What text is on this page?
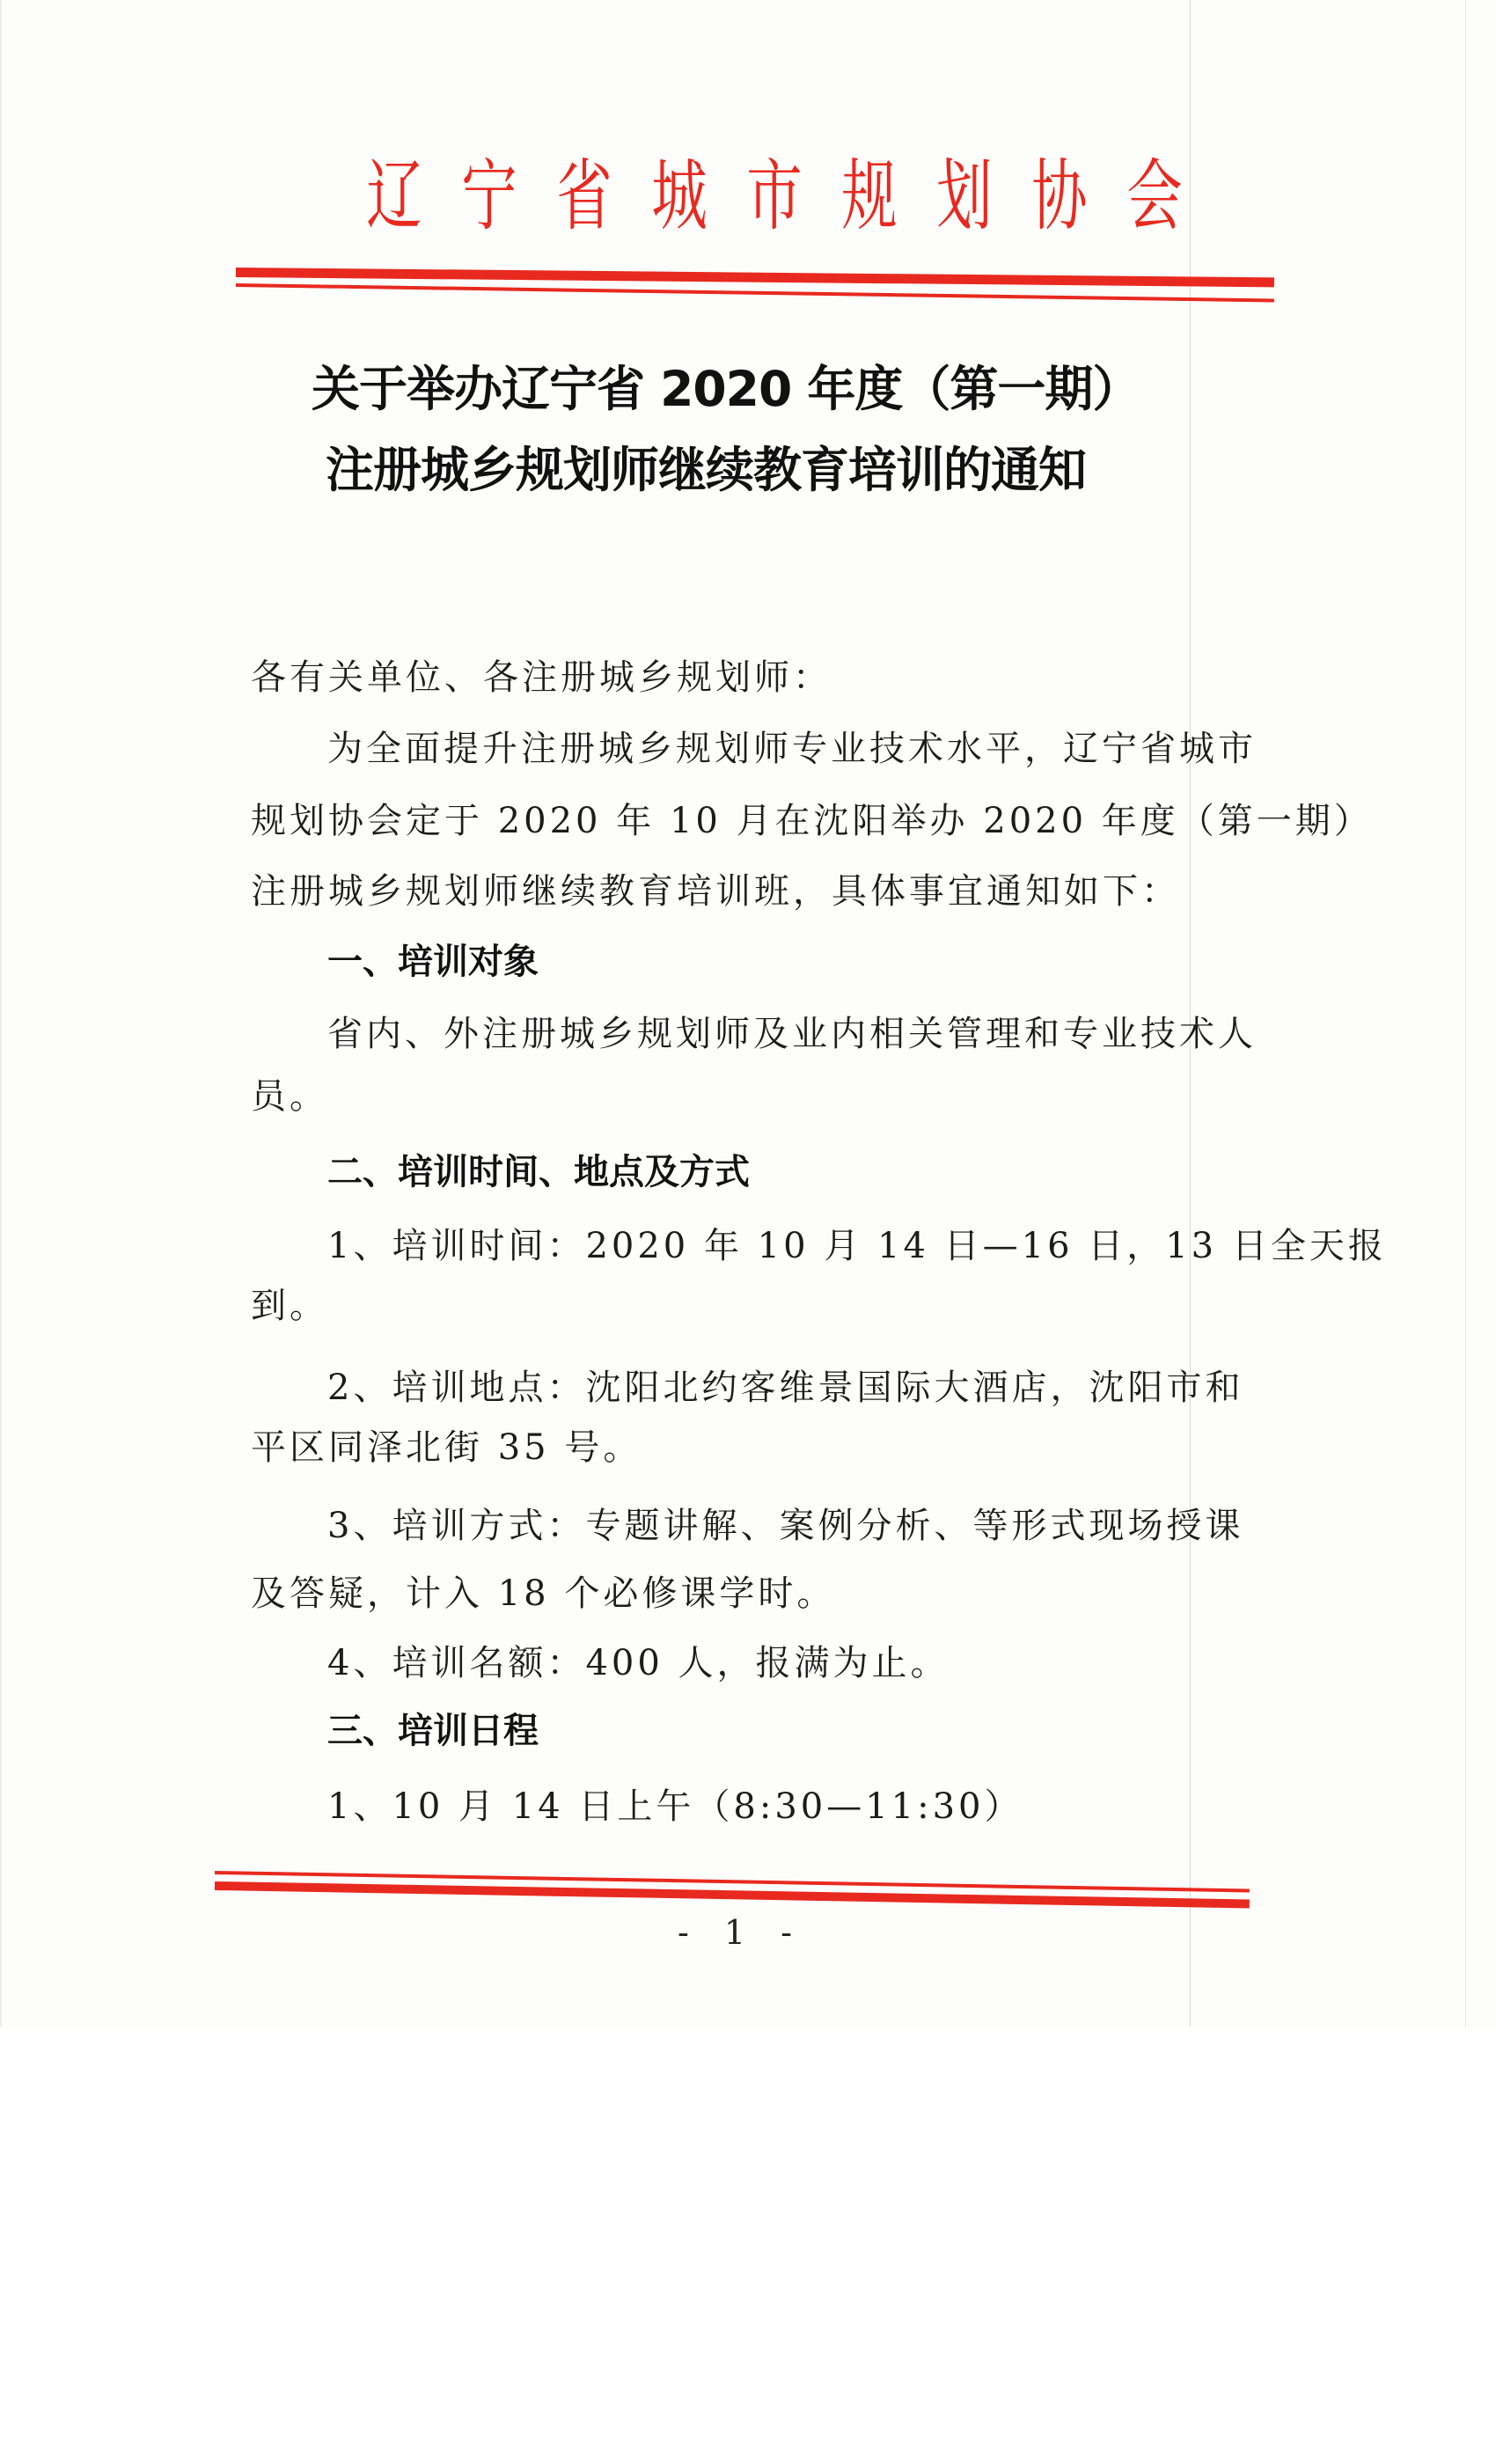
辽 宁 省 城 市 规 划 协 会
关于举办辽宁省 2020 年度（第一期）
注册城乡规划师继续教育培训的通知
各有关单位、各注册城乡规划师：
为全面提升注册城乡规划师专业技术水平，辽宁省城市
规划协会定于 2020 年 10 月在沈阳举办 2020 年度（第一期）
注册城乡规划师继续教育培训班，具体事宜通知如下：
一、培训对象
省内、外注册城乡规划师及业内相关管理和专业技术人
员。
二、培训时间、地点及方式
1、培训时间：2020 年 10 月 14 日—16 日，13 日全天报
到。
2、培训地点：沈阳北约客维景国际大酒店，沈阳市和
平区同泽北街 35 号。
3、培训方式：专题讲解、案例分析、等形式现场授课
及答疑，计入 18 个必修课学时。
4、培训名额：400 人，报满为止。
三、培训日程
1、10 月 14 日上午（8:30—11:30）
- 1 -
